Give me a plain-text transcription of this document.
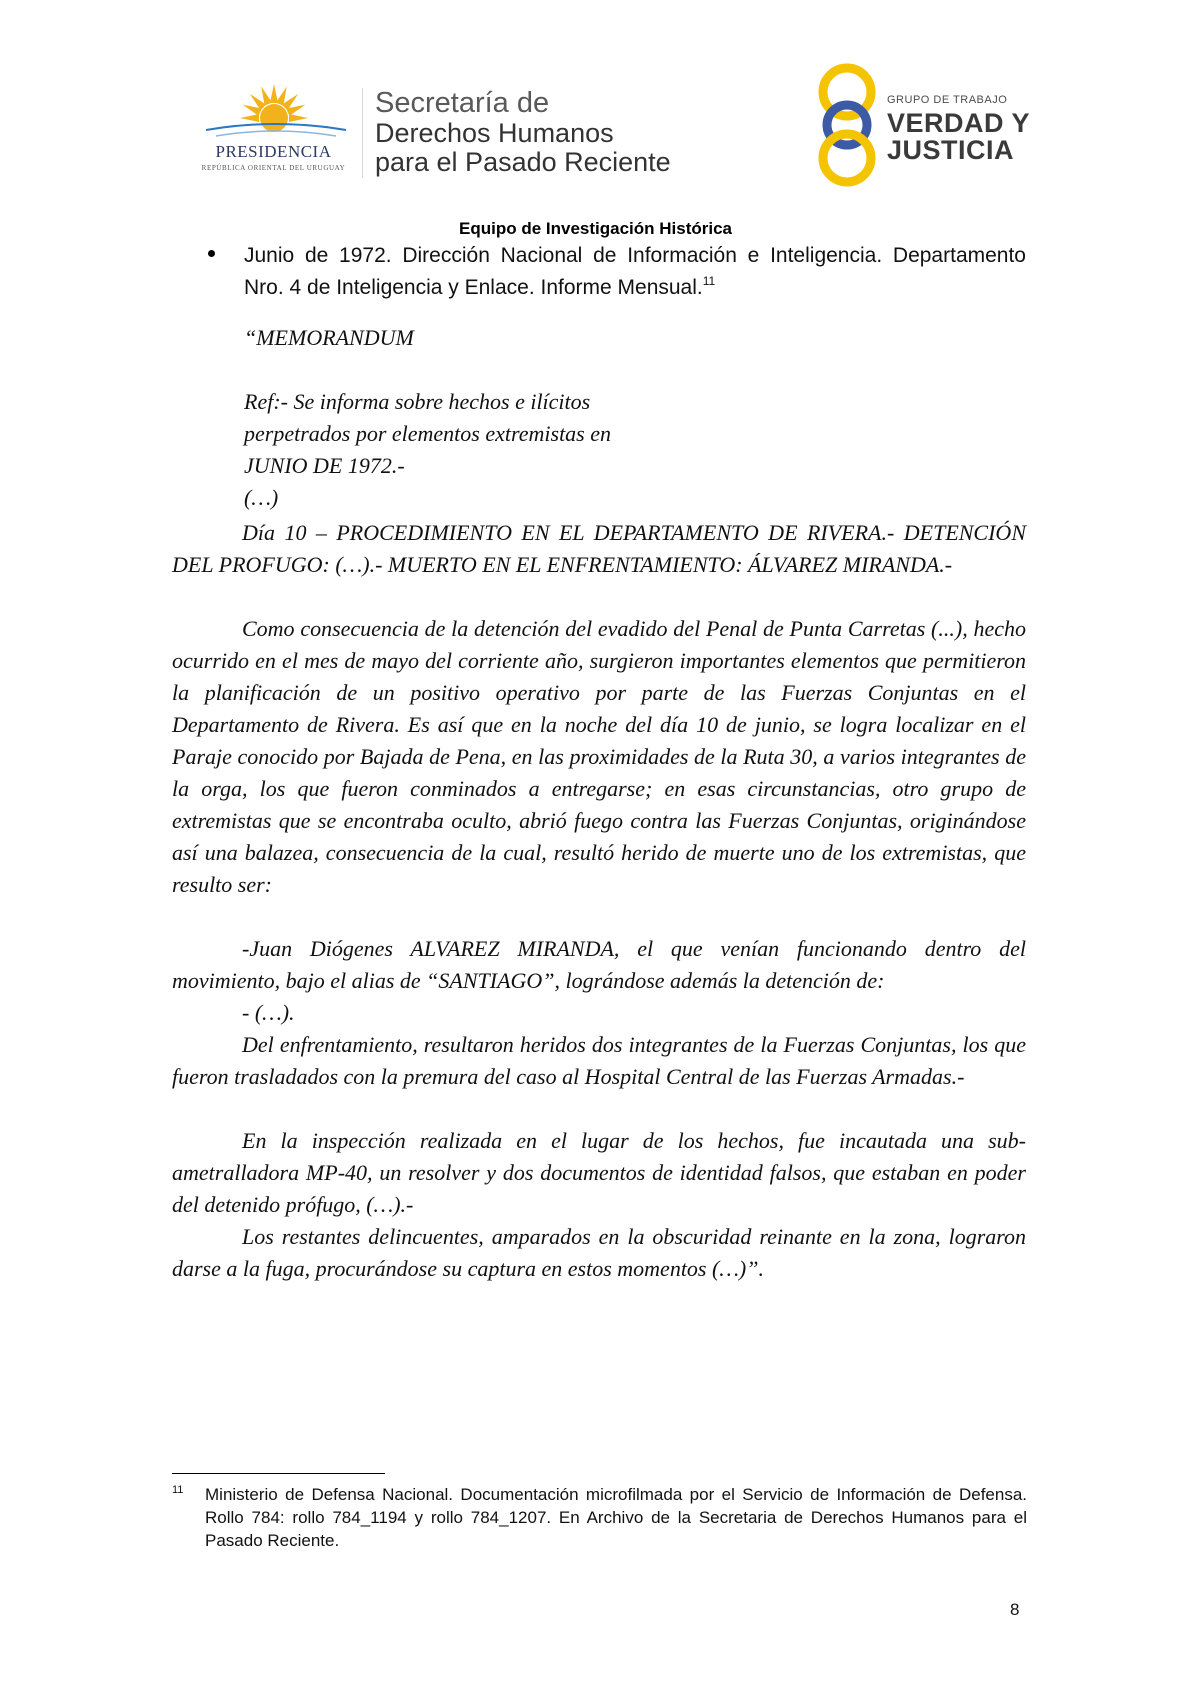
PRESIDENCIA
REPÚBLICA ORIENTAL DEL URUGUAY
Secretaría de
Derechos Humanos
para el Pasado Reciente
GRUPO DE TRABAJO
VERDAD Y
JUSTICIA
Equipo de Investigación Histórica
Junio de 1972. Dirección Nacional de Información e Inteligencia. Departamento Nro. 4 de Inteligencia y Enlace. Informe Mensual.$^{11}$
“MEMORANDUM
Ref:- Se informa sobre hechos e ilícitos
perpetrados por elementos extremistas en
JUNIO DE 1972.-
(…)
Día 10 – PROCEDIMIENTO EN EL DEPARTAMENTO DE RIVERA.- DETENCIÓN DEL PROFUGO: (…).- MUERTO EN EL ENFRENTAMIENTO: ÁLVAREZ MIRANDA.-
Como consecuencia de la detención del evadido del Penal de Punta Carretas (...), hecho ocurrido en el mes de mayo del corriente año, surgieron importantes elementos que permitieron la planificación de un positivo operativo por parte de las Fuerzas Conjuntas en el Departamento de Rivera. Es así que en la noche del día 10 de junio, se logra localizar en el Paraje conocido por Bajada de Pena, en las proximidades de la Ruta 30, a varios integrantes de la orga, los que fueron conminados a entregarse; en esas circunstancias, otro grupo de extremistas que se encontraba oculto, abrió fuego contra las Fuerzas Conjuntas, originándose así una balazea, consecuencia de la cual, resultó herido de muerte uno de los extremistas, que resulto ser:
-Juan Diógenes ALVAREZ MIRANDA, el que venían funcionando dentro del movimiento, bajo el alias de “SANTIAGO”, lográndose además la detención de:
- (…).
Del enfrentamiento, resultaron heridos dos integrantes de la Fuerzas Conjuntas, los que fueron trasladados con la premura del caso al Hospital Central de las Fuerzas Armadas.-
En la inspección realizada en el lugar de los hechos, fue incautada una sub-ametralladora MP-40, un resolver y dos documentos de identidad falsos, que estaban en poder del detenido prófugo, (…).-
Los restantes delincuentes, amparados en la obscuridad reinante en la zona, lograron darse a la fuga, procurándose su captura en estos momentos (…)”.
11 Ministerio de Defensa Nacional. Documentación microfilmada por el Servicio de Información de Defensa. Rollo 784: rollo 784_1194 y rollo 784_1207. En Archivo de la Secretaria de Derechos Humanos para el Pasado Reciente.
8
